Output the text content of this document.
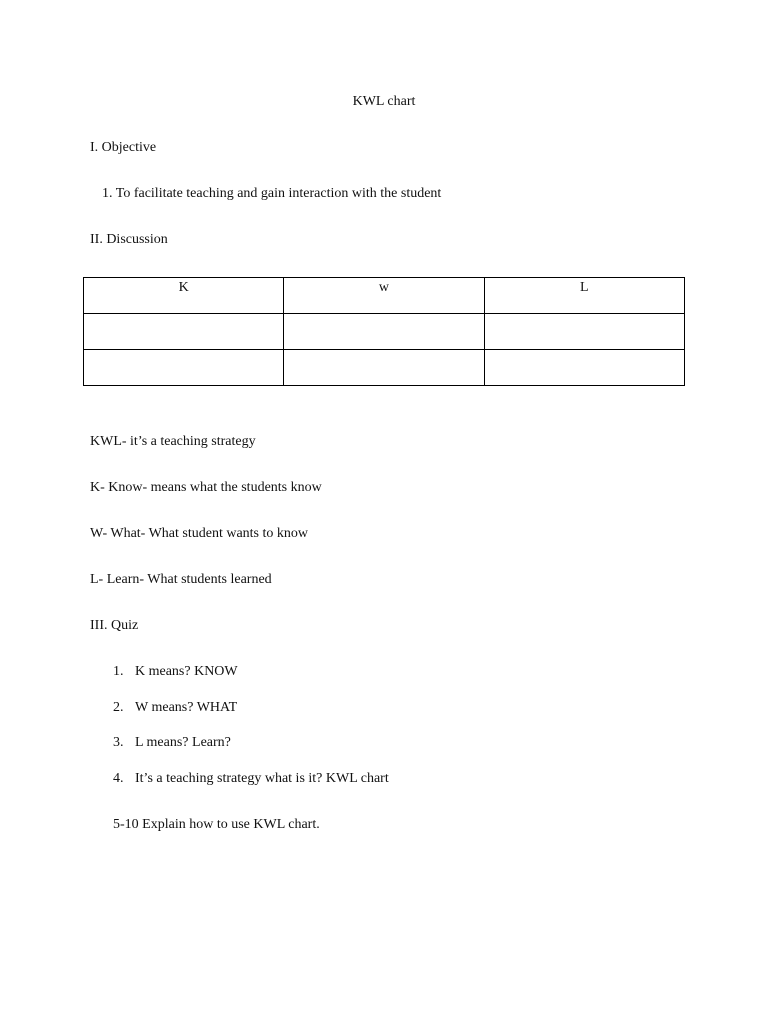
KWL chart
I. Objective
1. To facilitate teaching and gain interaction with the student
II. Discussion
K	w	L

KWL- it’s a teaching strategy
K- Know- means what the students know
W- What- What student wants to know
L- Learn- What students learned
III. Quiz
1. K means? KNOW
2. W means? WHAT
3. L means? Learn?
4. It’s a teaching strategy what is it? KWL chart
5-10 Explain how to use KWL chart.
